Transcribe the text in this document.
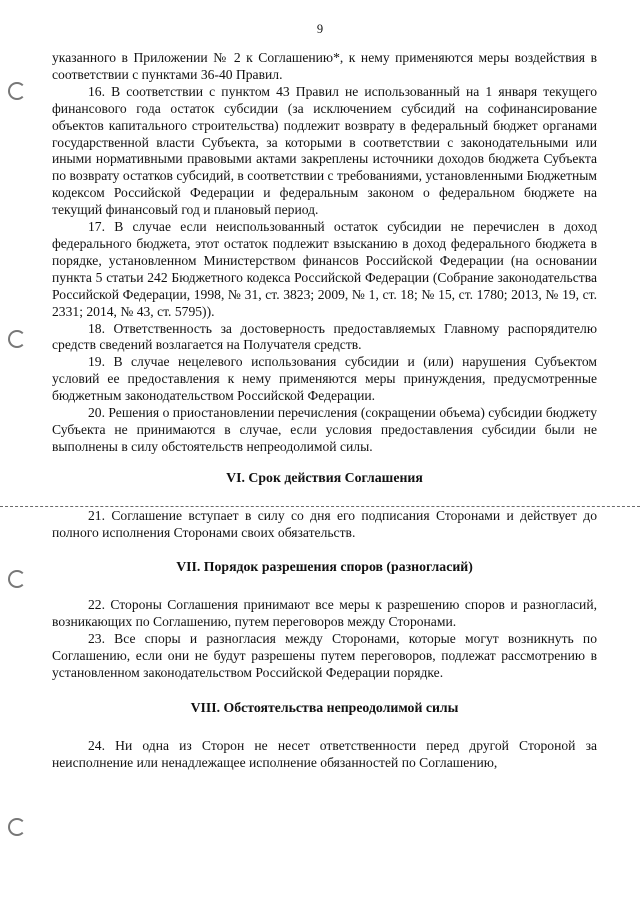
9

указанного в Приложении № 2 к Соглашению*, к нему применяются меры воздействия в соответствии с пунктами 36-40 Правил.

16. В соответствии с пунктом 43 Правил не использованный на 1 января текущего финансового года остаток субсидии (за исключением субсидий на софинансирование объектов капитального строительства) подлежит возврату в федеральный бюджет органами государственной власти Субъекта, за которыми в соответствии с законодательными или иными нормативными правовыми актами закреплены источники доходов бюджета Субъекта по возврату остатков субсидий, в соответствии с требованиями, установленными Бюджетным кодексом Российской Федерации и федеральным законом о федеральном бюджете на текущий финансовый год и плановый период.

17. В случае если неиспользованный остаток субсидии не перечислен в доход федерального бюджета, этот остаток подлежит взысканию в доход федерального бюджета в порядке, установленном Министерством финансов Российской Федерации (на основании пункта 5 статьи 242 Бюджетного кодекса Российской Федерации (Собрание законодательства Российской Федерации, 1998, № 31, ст. 3823; 2009, № 1, ст. 18; № 15, ст. 1780; 2013, № 19, ст. 2331; 2014, № 43, ст. 5795)).

18. Ответственность за достоверность предоставляемых Главному распорядителю средств сведений возлагается на Получателя средств.

19. В случае нецелевого использования субсидии и (или) нарушения Субъектом условий ее предоставления к нему применяются меры принуждения, предусмотренные бюджетным законодательством Российской Федерации.

20. Решения о приостановлении перечисления (сокращении объема) субсидии бюджету Субъекта не принимаются в случае, если условия предоставления субсидии были не выполнены в силу обстоятельств непреодолимой силы.

VI. Срок действия Соглашения

21. Соглашение вступает в силу со дня его подписания Сторонами и действует до полного исполнения Сторонами своих обязательств.

VII. Порядок разрешения споров (разногласий)

22. Стороны Соглашения принимают все меры к разрешению споров и разногласий, возникающих по Соглашению, путем переговоров между Сторонами.

23. Все споры и разногласия между Сторонами, которые могут возникнуть по Соглашению, если они не будут разрешены путем переговоров, подлежат рассмотрению в установленном законодательством Российской Федерации порядке.

VIII. Обстоятельства непреодолимой силы

24. Ни одна из Сторон не несет ответственности перед другой Стороной за неисполнение или ненадлежащее исполнение обязанностей по Соглашению,
